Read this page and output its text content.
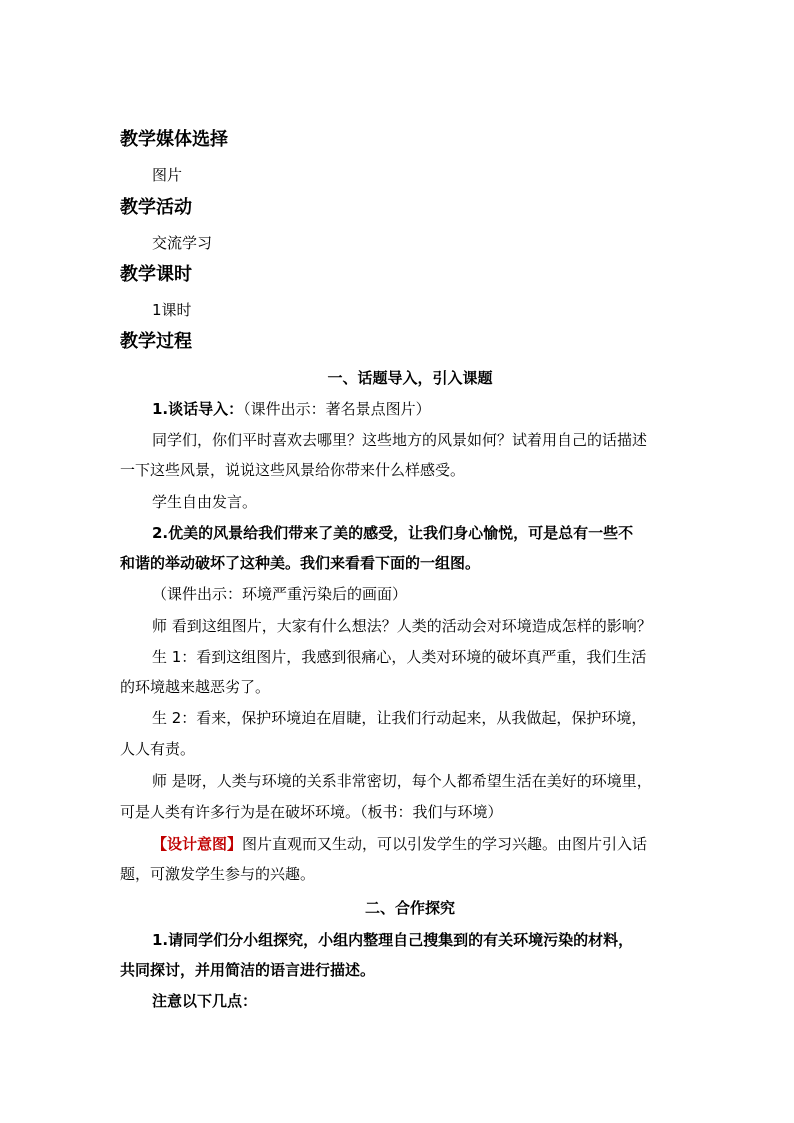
教学媒体选择
图片
教学活动
交流学习
教学课时
1课时
教学过程
一、话题导入，引入课题
1.谈话导入：（课件出示：著名景点图片）
同学们，你们平时喜欢去哪里？这些地方的风景如何？试着用自己的话描述
一下这些风景，说说这些风景给你带来什么样感受。
学生自由发言。
2.优美的风景给我们带来了美的感受，让我们身心愉悦，可是总有一些不
和谐的举动破坏了这种美。我们来看看下面的一组图。
（课件出示：环境严重污染后的画面）
师 看到这组图片，大家有什么想法？人类的活动会对环境造成怎样的影响？
生 1：看到这组图片，我感到很痛心，人类对环境的破坏真严重，我们生活
的环境越来越恶劣了。
生 2：看来，保护环境迫在眉睫，让我们行动起来，从我做起，保护环境，
人人有责。
师 是呀，人类与环境的关系非常密切，每个人都希望生活在美好的环境里，
可是人类有许多行为是在破坏环境。（板书：我们与环境）
【设计意图】图片直观而又生动，可以引发学生的学习兴趣。由图片引入话
题，可激发学生参与的兴趣。
二、合作探究
1.请同学们分小组探究，小组内整理自己搜集到的有关环境污染的材料，
共同探讨，并用简洁的语言进行描述。
注意以下几点：
